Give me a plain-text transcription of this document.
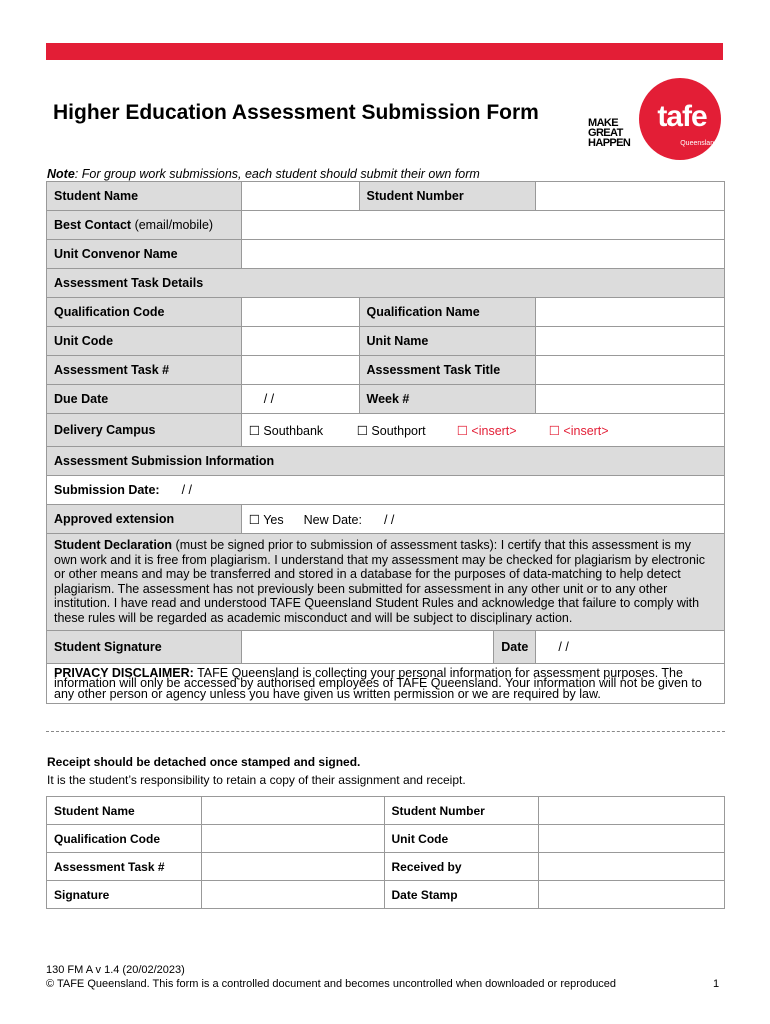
Higher Education Assessment Submission Form	MAKE
GREAT
HAPPEN
tafe
Queensland
Note: For group work submissions, each student should submit their own form
Student Name		Student Number		
Best Contact (email/mobile)				
Unit Convenor Name				
Assessment Task Details				
Qualification Code		Qualification Name		
Unit Code		Unit Name		
Assessment Task #		Assessment Task Title		
Due Date	/ /	Week #		
Delivery Campus	☐ Southbank ☐ Southport ☐ <insert> ☐ <insert>			
Assessment Submission Information				
Submission Date: / /				
Approved extension	☐ Yes New Date: / /			
Student Declaration (must be signed prior to submission of assessment tasks): I certify that this assessment is my own work and it is free from plagiarism. I understand that my assessment may be checked for plagiarism by electronic or other means and may be transferred and stored in a database for the purposes of data-matching to help detect plagiarism. The assessment has not previously been submitted for assessment in any other unit or to any other institution. I have read and understood TAFE Queensland Student Rules and acknowledge that failure to comply with these rules will be regarded as academic misconduct and will be subject to disciplinary action.				
Student Signature			Date	/ /
PRIVACY DISCLAIMER: TAFE Queensland is collecting your personal information for assessment purposes. The information will only be accessed by authorised employees of TAFE Queensland. Your information will not be given to any other person or agency unless you have given us written permission or we are required by law.				
Receipt should be detached once stamped and signed.
It is the student’s responsibility to retain a copy of their assignment and receipt.
Student Name		Student Number	
Qualification Code		Unit Code	
Assessment Task #		Received by	
Signature		Date Stamp	
130 FM A v 1.4 (20/02/2023)
© TAFE Queensland. This form is a controlled document and becomes uncontrolled when downloaded or reproduced	1
